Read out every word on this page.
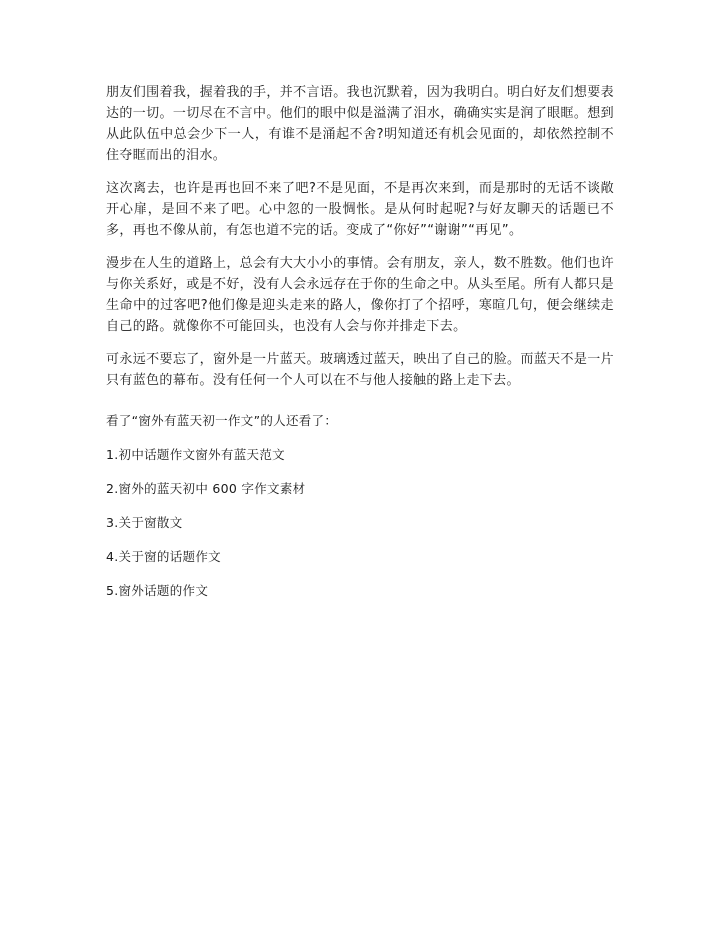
朋友们围着我，握着我的手，并不言语。我也沉默着，因为我明白。明白好友们想要表达的一切。一切尽在不言中。他们的眼中似是溢满了泪水，确确实实是润了眼眶。想到从此队伍中总会少下一人，有谁不是涌起不舍?明知道还有机会见面的，却依然控制不住夺眶而出的泪水。

这次离去，也许是再也回不来了吧?不是见面，不是再次来到，而是那时的无话不谈敞开心扉，是回不来了吧。心中忽的一股惆怅。是从何时起呢?与好友聊天的话题已不多，再也不像从前，有怎也道不完的话。变成了“你好”“谢谢”“再见”。

漫步在人生的道路上，总会有大大小小的事情。会有朋友，亲人，数不胜数。他们也许与你关系好，或是不好，没有人会永远存在于你的生命之中。从头至尾。所有人都只是生命中的过客吧?他们像是迎头走来的路人，像你打了个招呼，寒暄几句，便会继续走自己的路。就像你不可能回头，也没有人会与你并排走下去。

可永远不要忘了，窗外是一片蓝天。玻璃透过蓝天，映出了自己的脸。而蓝天不是一片只有蓝色的幕布。没有任何一个人可以在不与他人接触的路上走下去。

看了“窗外有蓝天初一作文”的人还看了：

1.初中话题作文窗外有蓝天范文
2.窗外的蓝天初中 600 字作文素材
3.关于窗散文
4.关于窗的话题作文
5.窗外话题的作文
